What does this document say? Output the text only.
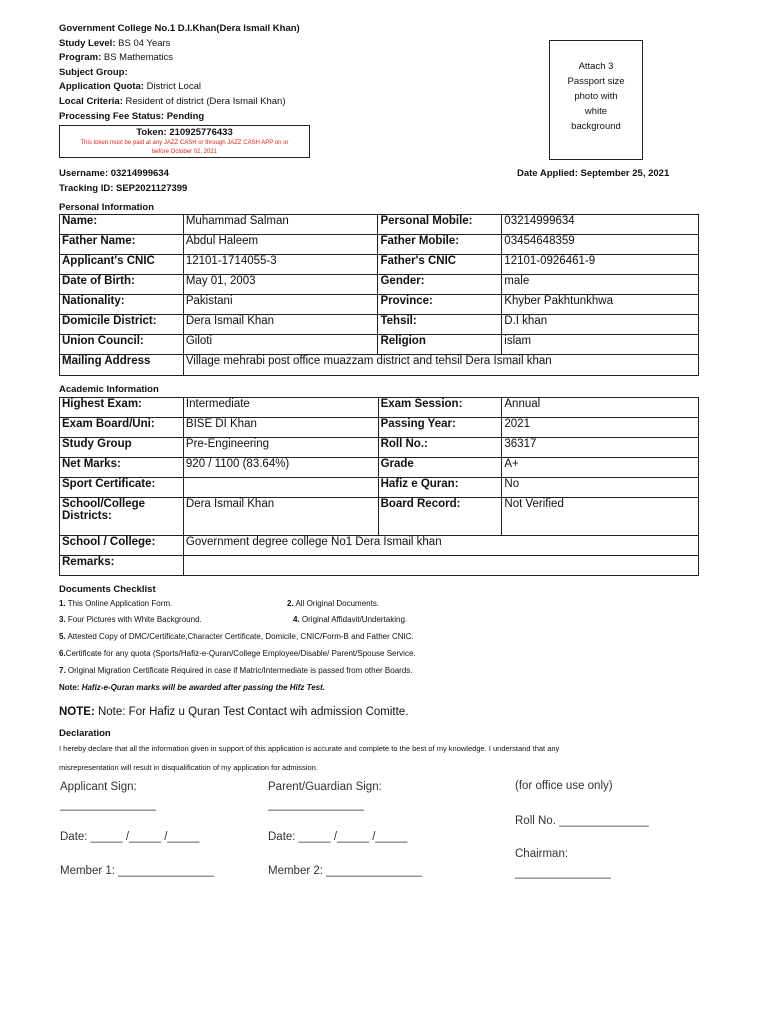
Government College No.1 D.I.Khan(Dera Ismail Khan)
Study Level: BS 04 Years
Program: BS Mathematics
Subject Group:
Application Quota: District Local
Local Criteria: Resident of district (Dera Ismail Khan)
Processing Fee Status: Pending
Token: 210925776433
This token must be paid at any JAZZ CASH or through JAZZ CASH APP on or
before October 02, 2021
Attach 3
Passport size
photo with
white
background
Username: 03214999634
Tracking ID: SEP2021127399
Date Applied: September 25, 2021
Personal Information
Name:	Muhammad Salman	Personal Mobile:	03214999634
Father Name:	Abdul Haleem	Father Mobile:	03454648359
Applicant's CNIC	12101-1714055-3	Father's CNIC	12101-0926461-9
Date of Birth:	May 01, 2003	Gender:	male
Nationality:	Pakistani	Province:	Khyber Pakhtunkhwa
Domicile District:	Dera Ismail Khan	Tehsil:	D.I khan
Union Council:	Giloti	Religion	islam
Mailing Address	Village mehrabi post office muazzam district and tehsil Dera Ismail khan		
Academic Information
Highest Exam:	Intermediate	Exam Session:	Annual
Exam Board/Uni:	BISE DI Khan	Passing Year:	2021
Study Group	Pre-Engineering	Roll No.:	36317
Net Marks:	920 / 1100 (83.64%)	Grade	A+
Sport Certificate:		Hafiz e Quran:	No
School/College Districts:	Dera Ismail Khan	Board Record:	Not Verified
School / College:	Government degree college No1 Dera Ismail khan		
Remarks:			
Documents Checklist
1. This Online Application Form.	2. All Original Documents.
3. Four Pictures with White Background.	4. Original Affidavit/Undertaking.
5. Attested Copy of DMC/Certificate,Character Certificate, Domicile, CNIC/Form-B and Father CNIC.
6.Certificate for any quota (Sports/Hafiz-e-Quran/College Employee/Disable/ Parent/Spouse Service.
7. Original Migration Certificate Required in case if Matric/Intermediate is passed from other Boards.
Note: Hafiz-e-Quran marks will be awarded after passing the Hifz Test.
NOTE: Note: For Hafiz u Quran Test Contact wih admission Comitte.
Declaration
I hereby declare that all the information given in support of this application is accurate and complete to the best of my knowledge. I understand that any
misrepresentation will result in disqualification of my application for admission.
Applicant Sign:
_______________
Parent/Guardian Sign:
_______________
(for office use only)
Roll No. ______________
Date: _____ /_____ /_____	Date: _____ /_____ /_____
Chairman:
Member 1: _______________	Member 2: _______________	_______________
